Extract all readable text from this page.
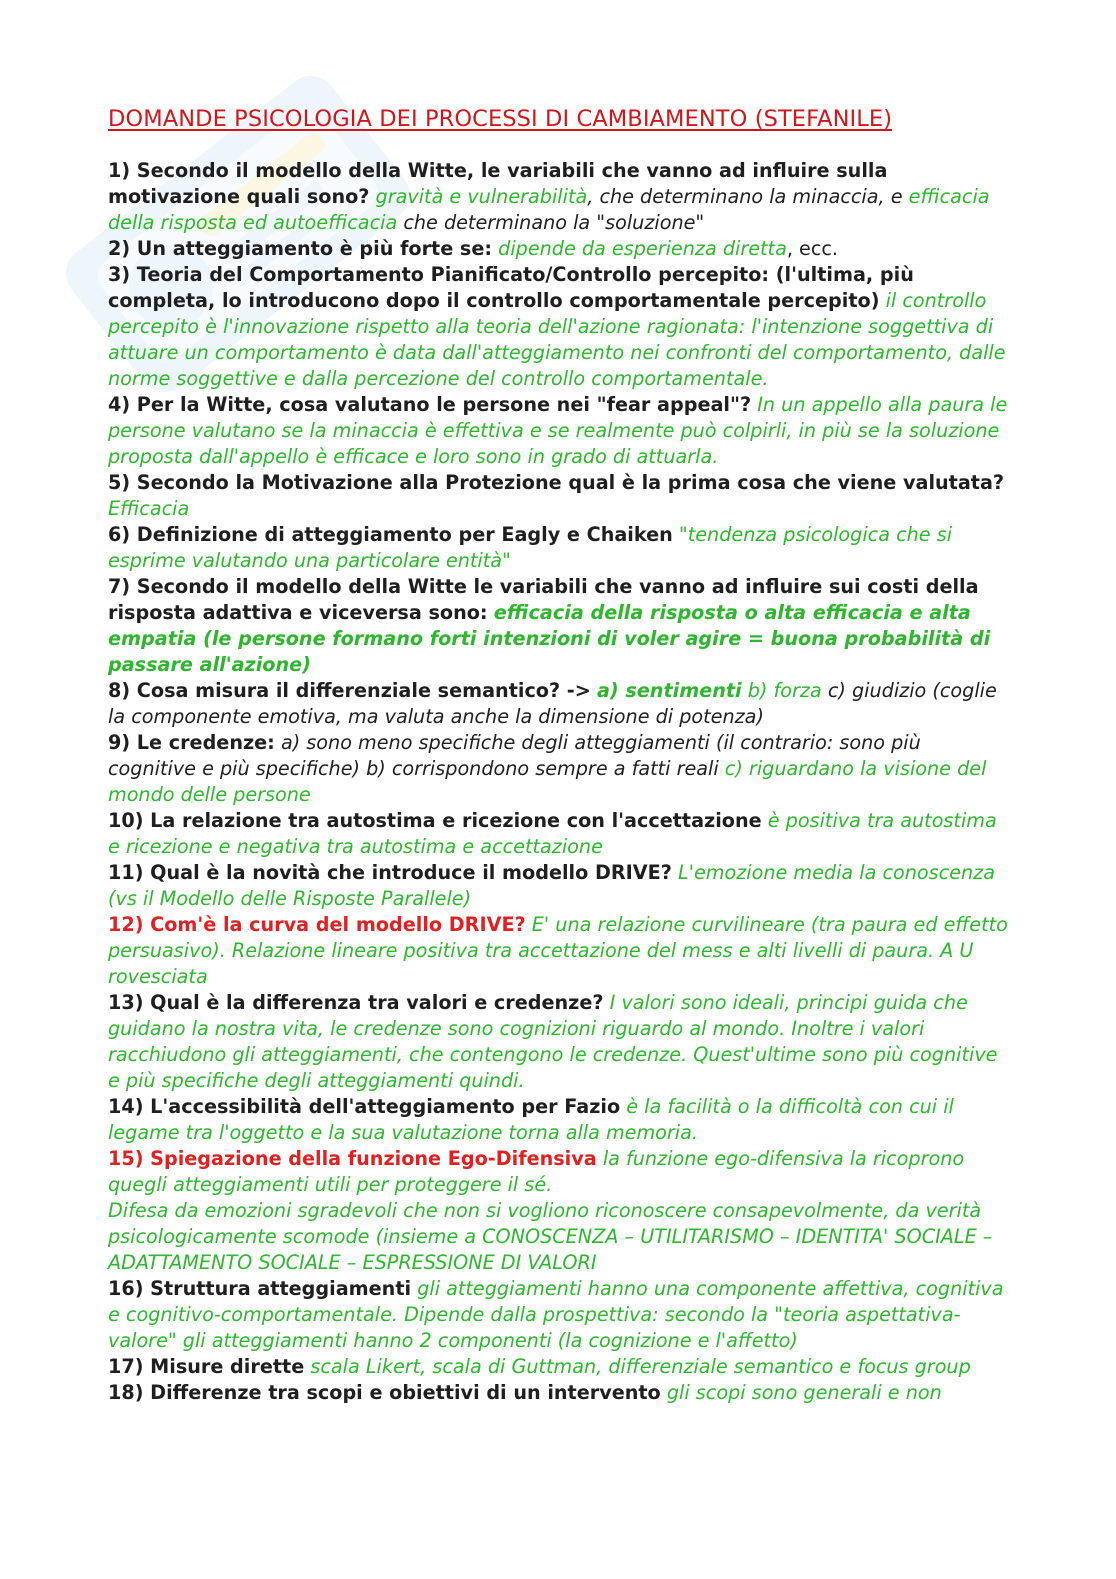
DOMANDE PSICOLOGIA DEI PROCESSI DI CAMBIAMENTO (STEFANILE)

1) Secondo il modello della Witte, le variabili che vanno ad influire sulla motivazione quali sono? gravità e vulnerabilità, che determinano la minaccia, e efficacia della risposta ed autoefficacia che determinano la "soluzione"

2) Un atteggiamento è più forte se: dipende da esperienza diretta, ecc.

3) Teoria del Comportamento Pianificato/Controllo percepito: (l'ultima, più completa, lo introducono dopo il controllo comportamentale percepito) il controllo percepito è l'innovazione rispetto alla teoria dell'azione ragionata: l'intenzione soggettiva di attuare un comportamento è data dall'atteggiamento nei confronti del comportamento, dalle norme soggettive e dalla percezione del controllo comportamentale.

4) Per la Witte, cosa valutano le persone nei "fear appeal"? In un appello alla paura le persone valutano se la minaccia è effettiva e se realmente può colpirli, in più se la soluzione proposta dall'appello è efficace e loro sono in grado di attuarla.

5) Secondo la Motivazione alla Protezione qual è la prima cosa che viene valutata? Efficacia

6) Definizione di atteggiamento per Eagly e Chaiken "tendenza psicologica che si esprime valutando una particolare entità"

7) Secondo il modello della Witte le variabili che vanno ad influire sui costi della risposta adattiva e viceversa sono: efficacia della risposta o alta efficacia e alta empatia (le persone formano forti intenzioni di voler agire = buona probabilità di passare all'azione)

8) Cosa misura il differenziale semantico? -> a) sentimenti b) forza c) giudizio (coglie la componente emotiva, ma valuta anche la dimensione di potenza)

9) Le credenze: a) sono meno specifiche degli atteggiamenti (il contrario: sono più cognitive e più specifiche) b) corrispondono sempre a fatti reali c) riguardano la visione del mondo delle persone

10) La relazione tra autostima e ricezione con l'accettazione è positiva tra autostima e ricezione e negativa tra autostima e accettazione

11) Qual è la novità che introduce il modello DRIVE? L'emozione media la conoscenza (vs il Modello delle Risposte Parallele)

12) Com'è la curva del modello DRIVE? E' una relazione curvilineare (tra paura ed effetto persuasivo). Relazione lineare positiva tra accettazione del mess e alti livelli di paura. A U rovesciata

13) Qual è la differenza tra valori e credenze? I valori sono ideali, principi guida che guidano la nostra vita, le credenze sono cognizioni riguardo al mondo. Inoltre i valori racchiudono gli atteggiamenti, che contengono le credenze. Quest'ultime sono più cognitive e più specifiche degli atteggiamenti quindi.

14) L'accessibilità dell'atteggiamento per Fazio è la facilità o la difficoltà con cui il legame tra l'oggetto e la sua valutazione torna alla memoria.

15) Spiegazione della funzione Ego-Difensiva la funzione ego-difensiva la ricoprono quegli atteggiamenti utili per proteggere il sé.

Difesa da emozioni sgradevoli che non si vogliono riconoscere consapevolmente, da verità psicologicamente scomode (insieme a CONOSCENZA – UTILITARISMO – IDENTITA' SOCIALE – ADATTAMENTO SOCIALE – ESPRESSIONE DI VALORI

16) Struttura atteggiamenti gli atteggiamenti hanno una componente affettiva, cognitiva e cognitivo-comportamentale. Dipende dalla prospettiva: secondo la "teoria aspettativa-valore" gli atteggiamenti hanno 2 componenti (la cognizione e l'affetto)

17) Misure dirette scala Likert, scala di Guttman, differenziale semantico e focus group

18) Differenze tra scopi e obiettivi di un intervento gli scopi sono generali e non
